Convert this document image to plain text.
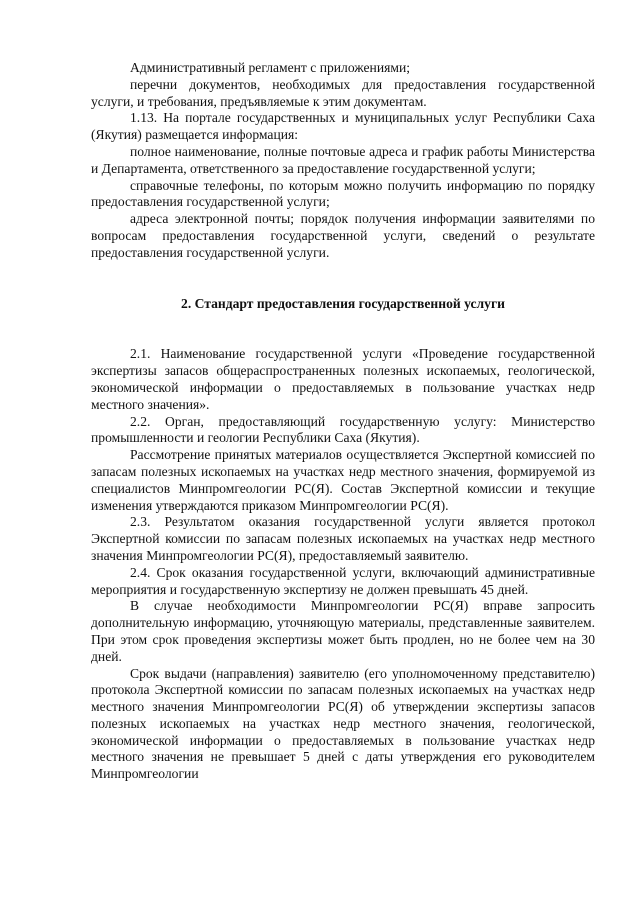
Административный регламент с приложениями;

перечни документов, необходимых для предоставления государственной услуги, и требования, предъявляемые к этим документам.

1.13. На портале государственных и муниципальных услуг Республики Саха (Якутия) размещается информация:

полное наименование, полные почтовые адреса и график работы Министерства и Департамента, ответственного за предоставление государственной услуги;

справочные телефоны, по которым можно получить информацию по порядку предоставления государственной услуги;

адреса электронной почты; порядок получения информации заявителями по вопросам предоставления государственной услуги, сведений о результате предоставления государственной услуги.

2. Стандарт предоставления государственной услуги

2.1. Наименование государственной услуги «Проведение государственной экспертизы запасов общераспространенных полезных ископаемых, геологической, экономической информации о предоставляемых в пользование участках недр местного значения».

2.2. Орган, предоставляющий государственную услугу: Министерство промышленности и геологии Республики Саха (Якутия).

Рассмотрение принятых материалов осуществляется Экспертной комиссией по запасам полезных ископаемых на участках недр местного значения, формируемой из специалистов Минпромгеологии РС(Я). Состав Экспертной комиссии и текущие изменения утверждаются приказом Минпромгеологии РС(Я).

2.3. Результатом оказания государственной услуги является протокол Экспертной комиссии по запасам полезных ископаемых на участках недр местного значения Минпромгеологии РС(Я), предоставляемый заявителю.

2.4. Срок оказания государственной услуги, включающий административные мероприятия и государственную экспертизу не должен превышать 45 дней.

В случае необходимости Минпромгеологии РС(Я) вправе запросить дополнительную информацию, уточняющую материалы, представленные заявителем. При этом срок проведения экспертизы может быть продлен, но не более чем на 30 дней.

Срок выдачи (направления) заявителю (его уполномоченному представителю) протокола Экспертной комиссии по запасам полезных ископаемых на участках недр местного значения Минпромгеологии РС(Я) об утверждении экспертизы запасов полезных ископаемых на участках недр местного значения, геологической, экономической информации о предоставляемых в пользование участках недр местного значения не превышает 5 дней с даты утверждения его руководителем Минпромгеологии
